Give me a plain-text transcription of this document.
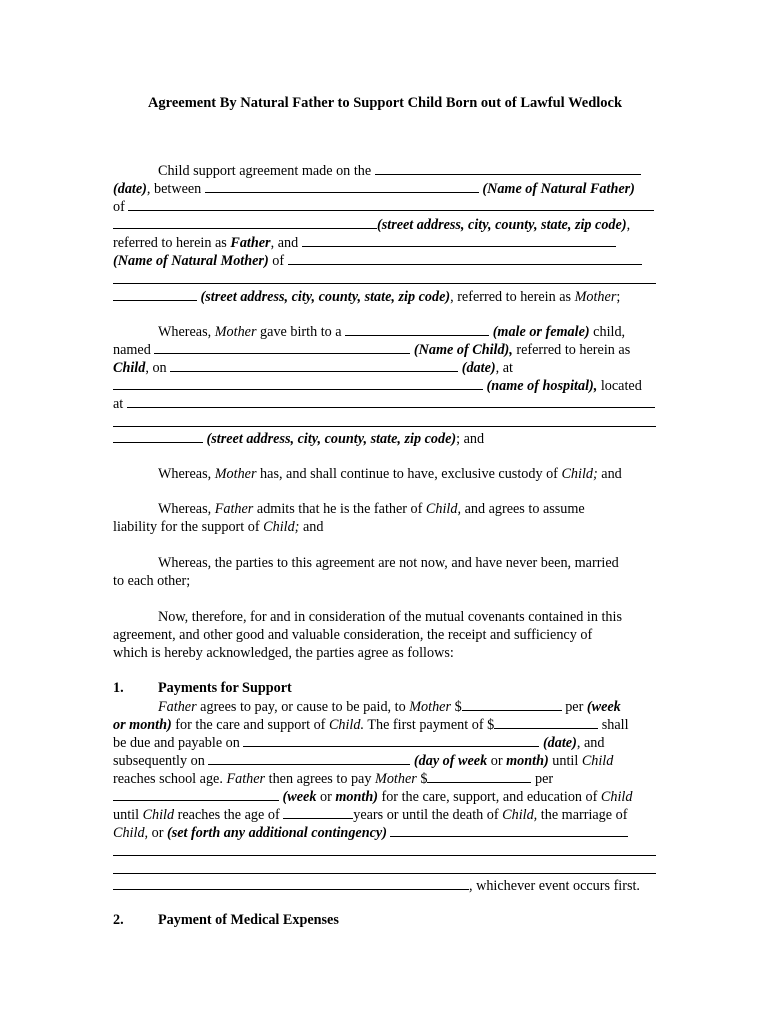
Agreement By Natural Father to Support Child Born out of Lawful Wedlock
Child support agreement made on the
(date), between	(Name of Natural Father)
of
(street address, city, county, state, zip code),
referred to herein as Father, and
(Name of Natural Mother) of
(street address, city, county, state, zip code), referred to herein as Mother;
Whereas, Mother gave birth to a	(male or female) child,
named	(Name of Child), referred to herein as
Child, on	(date), at
(name of hospital), located
at
(street address, city, county, state, zip code); and
Whereas, Mother has, and shall continue to have, exclusive custody of Child; and
Whereas, Father admits that he is the father of Child, and agrees to assume
liability for the support of Child; and
Whereas, the parties to this agreement are not now, and have never been, married
to each other;
Now, therefore, for and in consideration of the mutual covenants contained in this
agreement, and other good and valuable consideration, the receipt and sufficiency of
which is hereby acknowledged, the parties agree as follows:
1. Payments for Support
Father agrees to pay, or cause to be paid, to Mother $	per (week
or month) for the care and support of Child. The first payment of $	shall
be due and payable on	(date), and
subsequently on	(day of week or month) until Child
reaches school age. Father then agrees to pay Mother $	per
(week or month) for the care, support, and education of Child
until Child reaches the age of	years or until the death of Child, the marriage of
Child, or (set forth any additional contingency)
, whichever event occurs first.
2. Payment of Medical Expenses
